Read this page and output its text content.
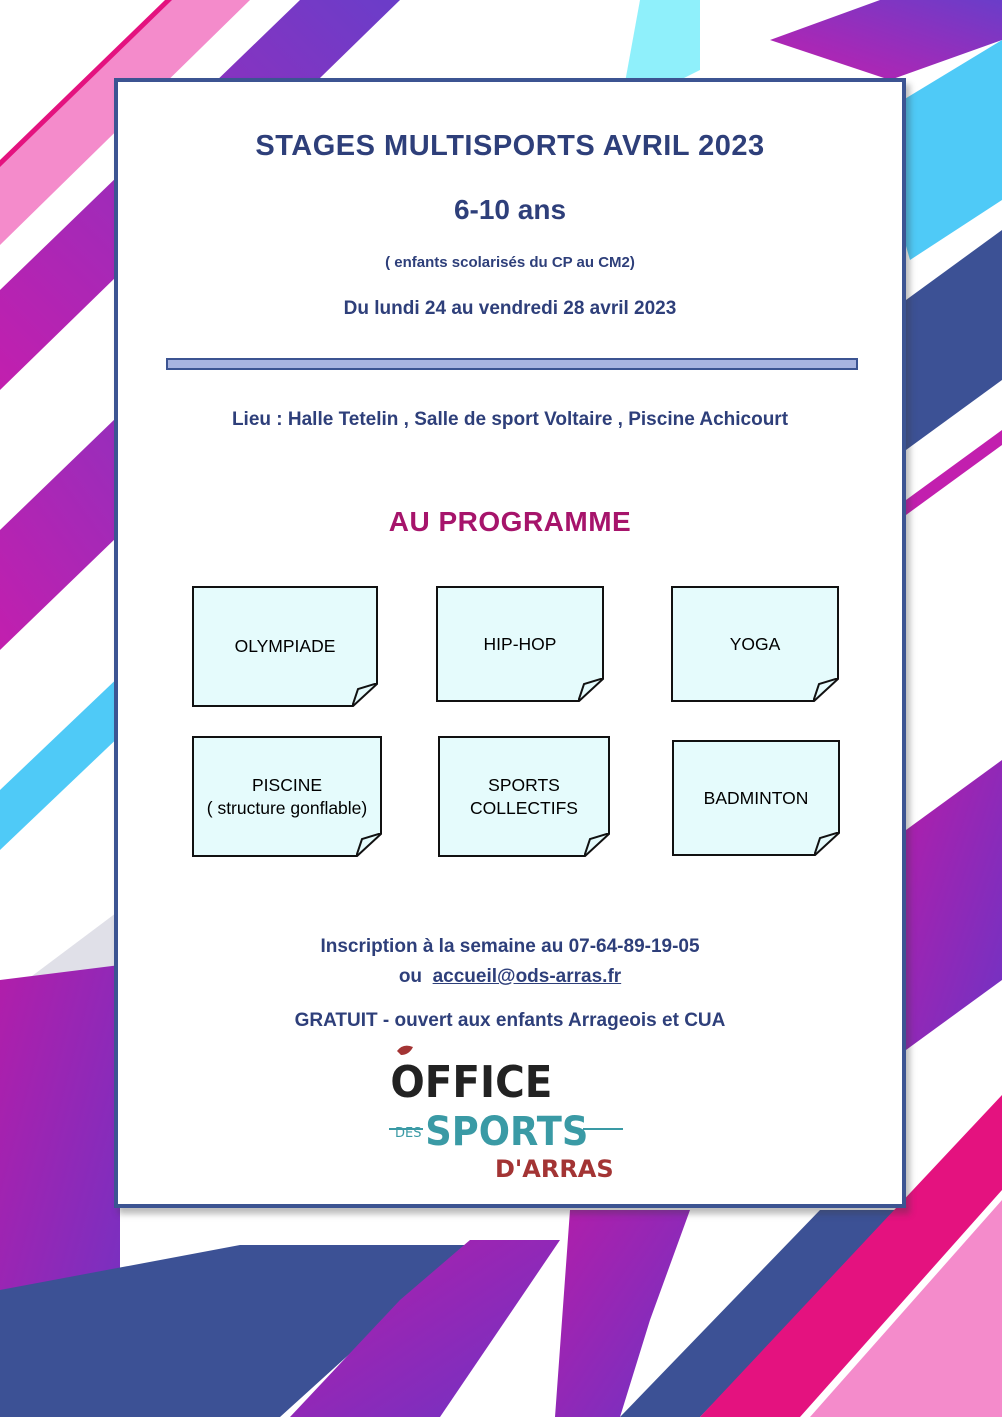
STAGES MULTISPORTS AVRIL 2023
6-10 ans

( enfants scolarisés du CP au CM2)

Du lundi 24 au vendredi 28 avril 2023

Lieu : Halle Tetelin , Salle de sport Voltaire , Piscine Achicourt

AU PROGRAMME
OLYMPIADE	HIP-HOP	YOGA
PISCINE
( structure gonflable)
SPORTS
COLLECTIFS	BADMINTON
Inscription à la semaine au 07-64-89-19-05
ou accueil@ods-arras.fr

GRATUIT - ouvert aux enfants Arrageois et CUA

OFFICE
DES SPORTS
D'ARRAS
